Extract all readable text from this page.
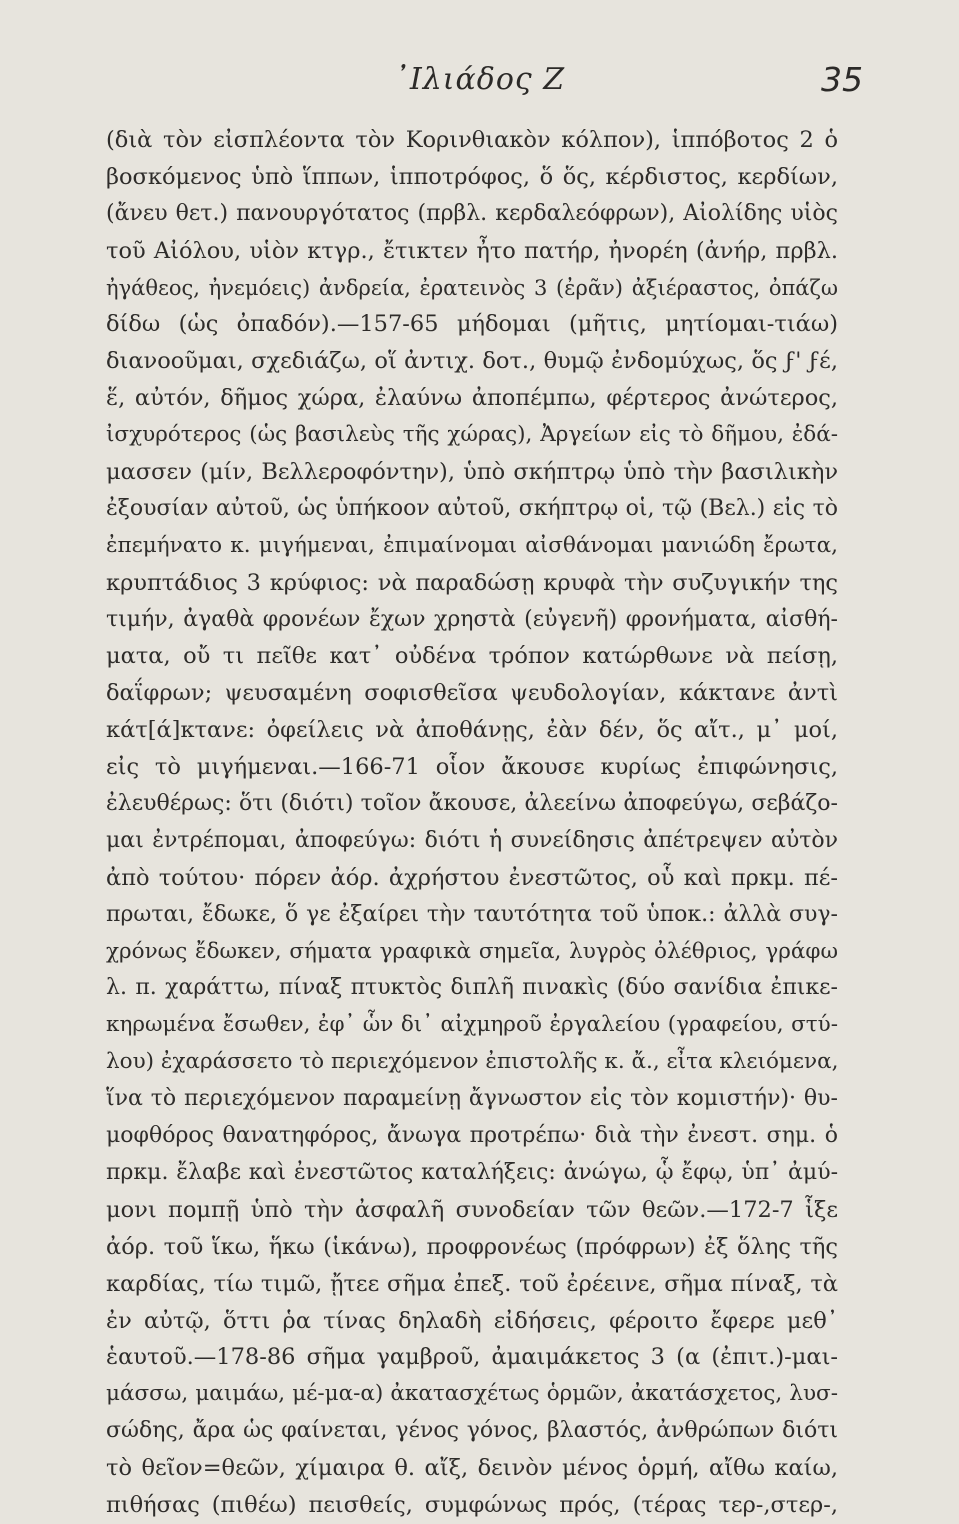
᾿Ιλιάδος Ζ	35
(διὰ τὸν εἰσπλέοντα τὸν Κορινθιακὸν κόλπον), ἱππόβοτος 2 ὁ
βοσκόμενος ὑπὸ ἵππων, ἱπποτρόφος, ὅ ὅς, κέρδιστος, κερδίων,
(ἄνευ θετ.) πανουργότατος (πρβλ. κερδαλεόφρων), Αἰολίδης υἱὸς
τοῦ Αἰόλου, υἱὸν κτγρ., ἔτικτεν ἦτο πατήρ, ἠνορέη (ἀνήρ, πρβλ.
ἠγάθεος, ἠνεμόεις) ἀνδρεία, ἐρατεινὸς 3 (ἐρᾶν) ἀξιέραστος, ὀπάζω
δίδω (ὡς ὀπαδόν).—157-65 μήδομαι (μῆτις, μητίομαι-τιάω)
διανοοῦμαι, σχεδιάζω, οἵ ἀντιχ. δοτ., θυμῷ ἐνδομύχως, ὅς ϝ' ϝέ,
ἕ, αὐτόν, δῆμος χώρα, ἐλαύνω ἀποπέμπω, φέρτερος ἀνώτερος,
ἰσχυρότερος (ὡς βασιλεὺς τῆς χώρας), Ἀργείων εἰς τὸ δῆμου, ἐδά-
μασσεν (μίν, Βελλεροφόντην), ὑπὸ σκήπτρῳ ὑπὸ τὴν βασιλικὴν
ἐξουσίαν αὐτοῦ, ὡς ὑπήκοον αὐτοῦ, σκήπτρῳ οἱ, τῷ (Βελ.) εἰς τὸ
ἐπεμήνατο κ. μιγήμεναι, ἐπιμαίνομαι αἰσθάνομαι μανιώδη ἔρωτα,
κρυπτάδιος 3 κρύφιος: νὰ παραδώσῃ κρυφὰ τὴν συζυγικήν της
τιμήν, ἀγαθὰ φρονέων ἔχων χρηστὰ (εὐγενῆ) φρονήματα, αἰσθή-
ματα, οὔ τι πεῖθε κατ᾿ οὐδένα τρόπον κατώρθωνε νὰ πείσῃ,
δαΐφρων; ψευσαμένη σοφισθεῖσα ψευδολογίαν, κάκτανε ἀντὶ
κάτ[ά]κτανε: ὀφείλεις νὰ ἀποθάνῃς, ἐὰν δέν, ὅς αἴτ., μ᾿ μοί,
εἰς τὸ μιγήμεναι.—166-71 οἷον ἄκουσε κυρίως ἐπιφώνησις,
ἐλευθέρως: ὅτι (διότι) τοῖον ἄκουσε, ἀλεείνω ἀποφεύγω, σεβάζο-
μαι ἐντρέπομαι, ἀποφεύγω: διότι ἡ συνείδησις ἀπέτρεψεν αὐτὸν
ἀπὸ τούτου· πόρεν ἀόρ. ἀχρήστου ἐνεστῶτος, οὗ καὶ πρκμ. πέ-
πρωται, ἔδωκε, ὅ γε ἐξαίρει τὴν ταυτότητα τοῦ ὑποκ.: ἀλλὰ συγ-
χρόνως ἔδωκεν, σήματα γραφικὰ σημεῖα, λυγρὸς ὀλέθριος, γράφω
λ. π. χαράττω, πίναξ πτυκτὸς διπλῆ πινακὶς (δύο σανίδια ἐπικε-
κηρωμένα ἔσωθεν, ἐφ᾿ ὧν δι᾿ αἰχμηροῦ ἐργαλείου (γραφείου, στύ-
λου) ἐχαράσσετο τὸ περιεχόμενον ἐπιστολῆς κ. ἄ., εἶτα κλειόμενα,
ἵνα τὸ περιεχόμενον παραμείνῃ ἄγνωστον εἰς τὸν κομιστήν)· θυ-
μοφθόρος θανατηφόρος, ἄνωγα προτρέπω· διὰ τὴν ἐνεστ. σημ. ὁ
πρκμ. ἔλαβε καὶ ἐνεστῶτος καταλήξεις: ἀνώγω, ᾧ ἔφῳ, ὑπ᾿ ἀμύ-
μονι πομπῇ ὑπὸ τὴν ἀσφαλῆ συνοδείαν τῶν θεῶν.—172-7 ἷξε
ἀόρ. τοῦ ἵκω, ἥκω (ἱκάνω), προφρονέως (πρόφρων) ἐξ ὅλης τῆς
καρδίας, τίω τιμῶ, ᾔτεε σῆμα ἐπεξ. τοῦ ἐρέεινε, σῆμα πίναξ, τὰ
ἐν αὐτῷ, ὅττι ῥα τίνας δηλαδὴ εἰδήσεις, φέροιτο ἔφερε μεθ᾿
ἑαυτοῦ.—178-86 σῆμα γαμβροῦ, ἀμαιμάκετος 3 (α (ἐπιτ.)-μαι-
μάσσω, μαιμάω, μέ-μα-α) ἀκατασχέτως ὁρμῶν, ἀκατάσχετος, λυσ-
σώδης, ἄρα ὡς φαίνεται, γένος γόνος, βλαστός, ἀνθρώπων διότι
τὸ θεῖον=θεῶν, χίμαιρα θ. αἴξ, δεινὸν μένος ὁρμή, αἴθω καίω,
πιθήσας (πιθέω) πεισθείς, συμφώνως πρός, (τέρας τερ-,στερ-,
